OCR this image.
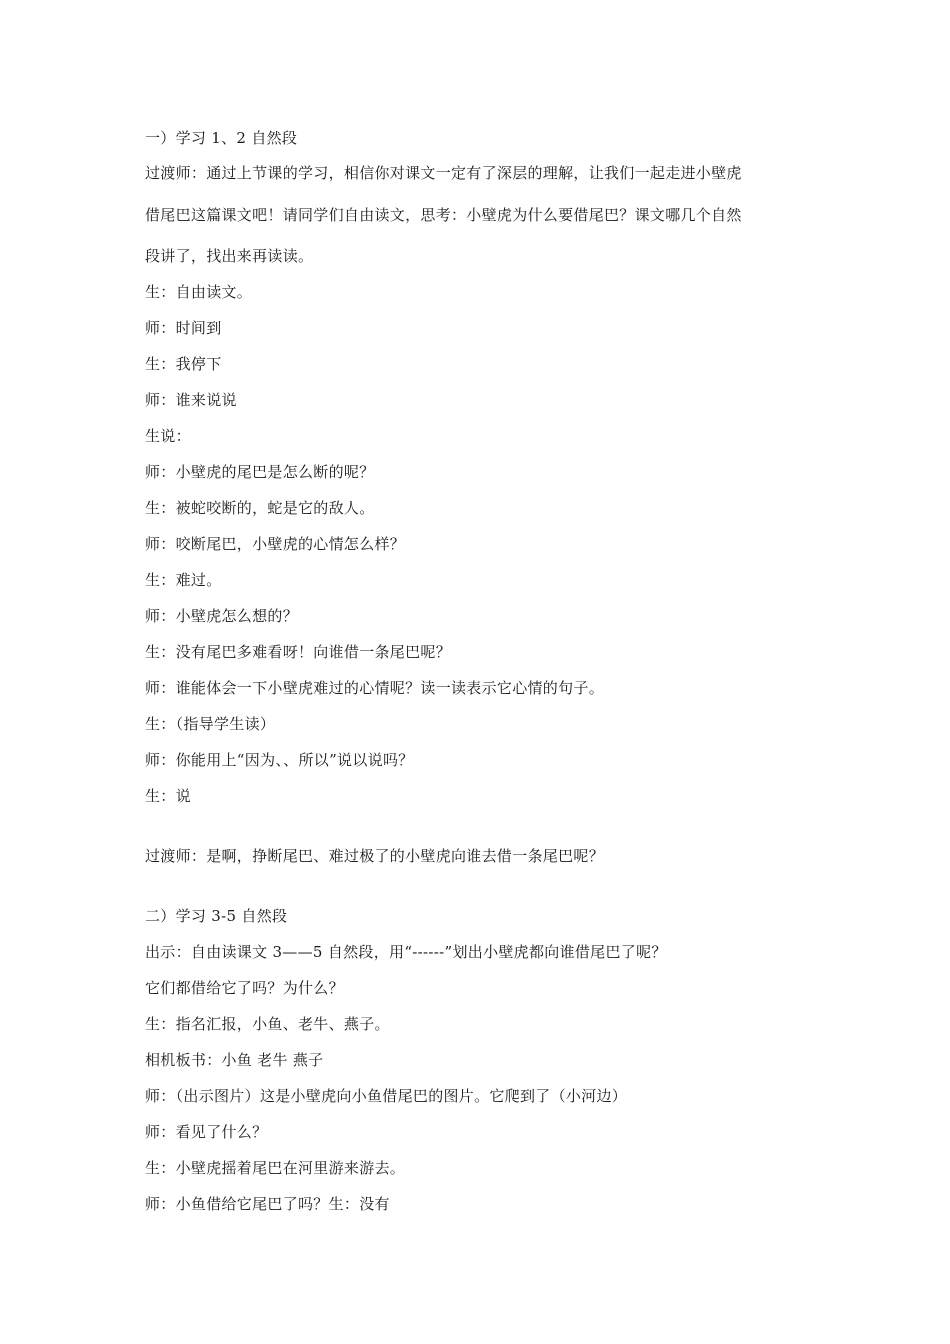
一）学习 1、2 自然段
过渡师：通过上节课的学习，相信你对课文一定有了深层的理解，让我们一起走进小壁虎
借尾巴这篇课文吧！请同学们自由读文，思考：小壁虎为什么要借尾巴？课文哪几个自然
段讲了，找出来再读读。
生：自由读文。
师：时间到
生：我停下
师：谁来说说
生说：
师：小壁虎的尾巴是怎么断的呢？
生：被蛇咬断的，蛇是它的敌人。
师：咬断尾巴，小壁虎的心情怎么样？
生：难过。
师：小壁虎怎么想的？
生：没有尾巴多难看呀！向谁借一条尾巴呢？
师：谁能体会一下小壁虎难过的心情呢？读一读表示它心情的句子。
生：（指导学生读）
师：你能用上“因为、、所以”说以说吗？
生：说
过渡师：是啊，挣断尾巴、难过极了的小壁虎向谁去借一条尾巴呢？
二）学习 3-5 自然段
出示：自由读课文 3——5 自然段，用“------”划出小壁虎都向谁借尾巴了呢？
它们都借给它了吗？为什么？
生：指名汇报，小鱼、老牛、燕子。
相机板书：小鱼 老牛 燕子
师：（出示图片）这是小壁虎向小鱼借尾巴的图片。它爬到了（小河边）
师：看见了什么？
生：小壁虎摇着尾巴在河里游来游去。
师：小鱼借给它尾巴了吗？生：没有
